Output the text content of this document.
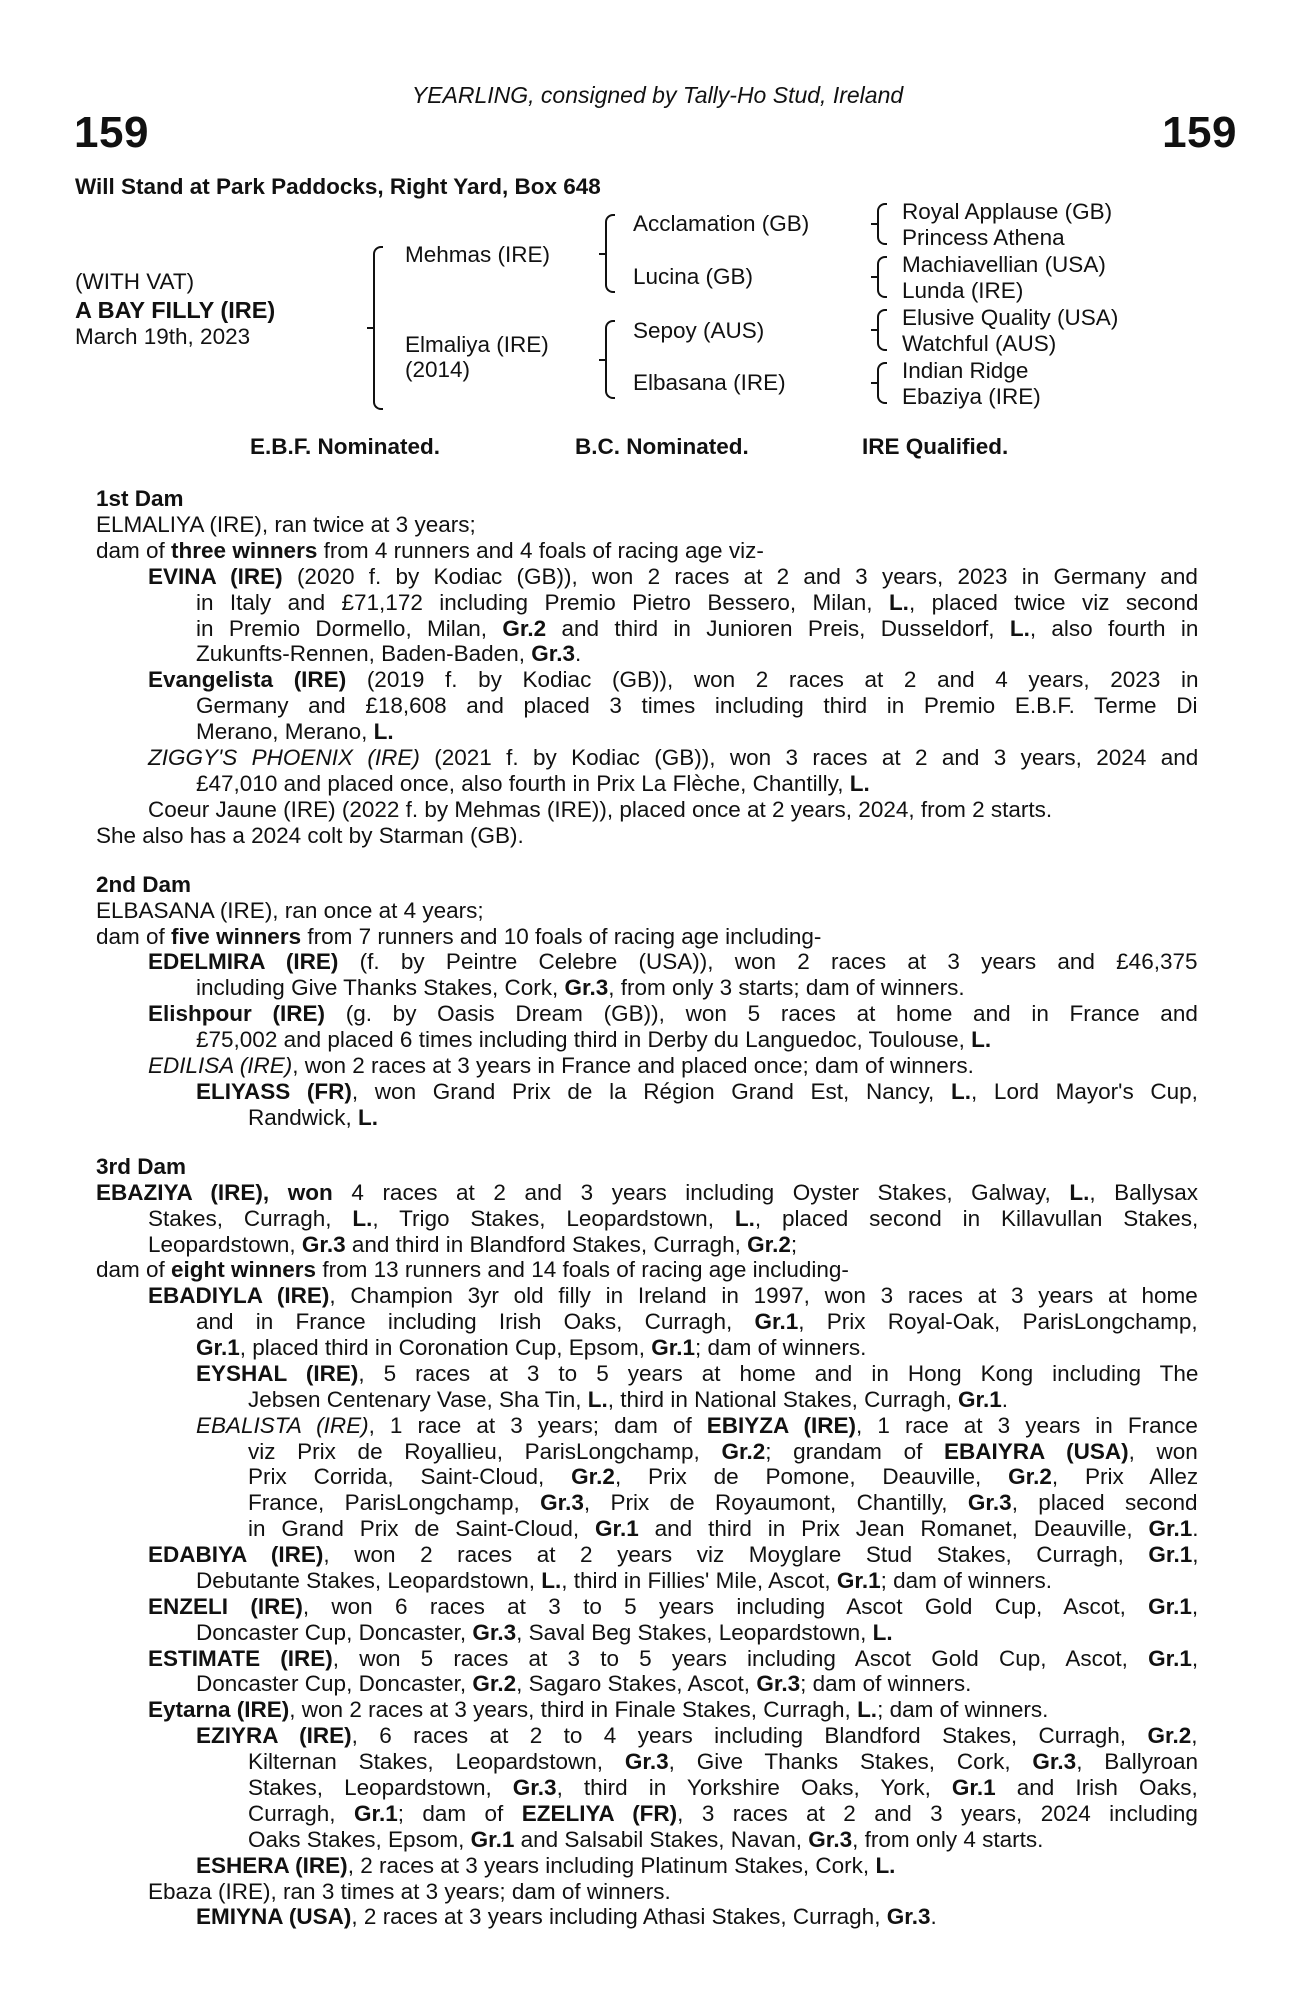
YEARLING, consigned by Tally-Ho Stud, Ireland
159	159
Will Stand at Park Paddocks, Right Yard, Box 648
(WITH VAT)
A BAY FILLY (IRE)
March 19th, 2023
Mehmas (IRE)
Elmaliya (IRE)
(2014)
Acclamation (GB)
Lucina (GB)
Sepoy (AUS)
Elbasana (IRE)
Royal Applause (GB)
Princess Athena
Machiavellian (USA)
Lunda (IRE)
Elusive Quality (USA)
Watchful (AUS)
Indian Ridge
Ebaziya (IRE)
E.B.F. Nominated.	B.C. Nominated.	IRE Qualified.
1st Dam
ELMALIYA (IRE), ran twice at 3 years;
dam of three winners from 4 runners and 4 foals of racing age viz-
EVINA (IRE) (2020 f. by Kodiac (GB)), won 2 races at 2 and 3 years, 2023 in Germany and
in Italy and £71,172 including Premio Pietro Bessero, Milan, L., placed twice viz second
in Premio Dormello, Milan, Gr.2 and third in Junioren Preis, Dusseldorf, L., also fourth in
Zukunfts-Rennen, Baden-Baden, Gr.3.
Evangelista (IRE) (2019 f. by Kodiac (GB)), won 2 races at 2 and 4 years, 2023 in
Germany and £18,608 and placed 3 times including third in Premio E.B.F. Terme Di
Merano, Merano, L.
ZIGGY'S PHOENIX (IRE) (2021 f. by Kodiac (GB)), won 3 races at 2 and 3 years, 2024 and
£47,010 and placed once, also fourth in Prix La Flèche, Chantilly, L.
Coeur Jaune (IRE) (2022 f. by Mehmas (IRE)), placed once at 2 years, 2024, from 2 starts.
She also has a 2024 colt by Starman (GB).
2nd Dam
ELBASANA (IRE), ran once at 4 years;
dam of five winners from 7 runners and 10 foals of racing age including-
EDELMIRA (IRE) (f. by Peintre Celebre (USA)), won 2 races at 3 years and £46,375
including Give Thanks Stakes, Cork, Gr.3, from only 3 starts; dam of winners.
Elishpour (IRE) (g. by Oasis Dream (GB)), won 5 races at home and in France and
£75,002 and placed 6 times including third in Derby du Languedoc, Toulouse, L.
EDILISA (IRE), won 2 races at 3 years in France and placed once; dam of winners.
ELIYASS (FR), won Grand Prix de la Région Grand Est, Nancy, L., Lord Mayor's Cup,
Randwick, L.
3rd Dam
EBAZIYA (IRE), won 4 races at 2 and 3 years including Oyster Stakes, Galway, L., Ballysax
Stakes, Curragh, L., Trigo Stakes, Leopardstown, L., placed second in Killavullan Stakes,
Leopardstown, Gr.3 and third in Blandford Stakes, Curragh, Gr.2;
dam of eight winners from 13 runners and 14 foals of racing age including-
EBADIYLA (IRE), Champion 3yr old filly in Ireland in 1997, won 3 races at 3 years at home
and in France including Irish Oaks, Curragh, Gr.1, Prix Royal-Oak, ParisLongchamp,
Gr.1, placed third in Coronation Cup, Epsom, Gr.1; dam of winners.
EYSHAL (IRE), 5 races at 3 to 5 years at home and in Hong Kong including The
Jebsen Centenary Vase, Sha Tin, L., third in National Stakes, Curragh, Gr.1.
EBALISTA (IRE), 1 race at 3 years; dam of EBIYZA (IRE), 1 race at 3 years in France
viz Prix de Royallieu, ParisLongchamp, Gr.2; grandam of EBAIYRA (USA), won
Prix Corrida, Saint-Cloud, Gr.2, Prix de Pomone, Deauville, Gr.2, Prix Allez
France, ParisLongchamp, Gr.3, Prix de Royaumont, Chantilly, Gr.3, placed second
in Grand Prix de Saint-Cloud, Gr.1 and third in Prix Jean Romanet, Deauville, Gr.1.
EDABIYA (IRE), won 2 races at 2 years viz Moyglare Stud Stakes, Curragh, Gr.1,
Debutante Stakes, Leopardstown, L., third in Fillies' Mile, Ascot, Gr.1; dam of winners.
ENZELI (IRE), won 6 races at 3 to 5 years including Ascot Gold Cup, Ascot, Gr.1,
Doncaster Cup, Doncaster, Gr.3, Saval Beg Stakes, Leopardstown, L.
ESTIMATE (IRE), won 5 races at 3 to 5 years including Ascot Gold Cup, Ascot, Gr.1,
Doncaster Cup, Doncaster, Gr.2, Sagaro Stakes, Ascot, Gr.3; dam of winners.
Eytarna (IRE), won 2 races at 3 years, third in Finale Stakes, Curragh, L.; dam of winners.
EZIYRA (IRE), 6 races at 2 to 4 years including Blandford Stakes, Curragh, Gr.2,
Kilternan Stakes, Leopardstown, Gr.3, Give Thanks Stakes, Cork, Gr.3, Ballyroan
Stakes, Leopardstown, Gr.3, third in Yorkshire Oaks, York, Gr.1 and Irish Oaks,
Curragh, Gr.1; dam of EZELIYA (FR), 3 races at 2 and 3 years, 2024 including
Oaks Stakes, Epsom, Gr.1 and Salsabil Stakes, Navan, Gr.3, from only 4 starts.
ESHERA (IRE), 2 races at 3 years including Platinum Stakes, Cork, L.
Ebaza (IRE), ran 3 times at 3 years; dam of winners.
EMIYNA (USA), 2 races at 3 years including Athasi Stakes, Curragh, Gr.3.
